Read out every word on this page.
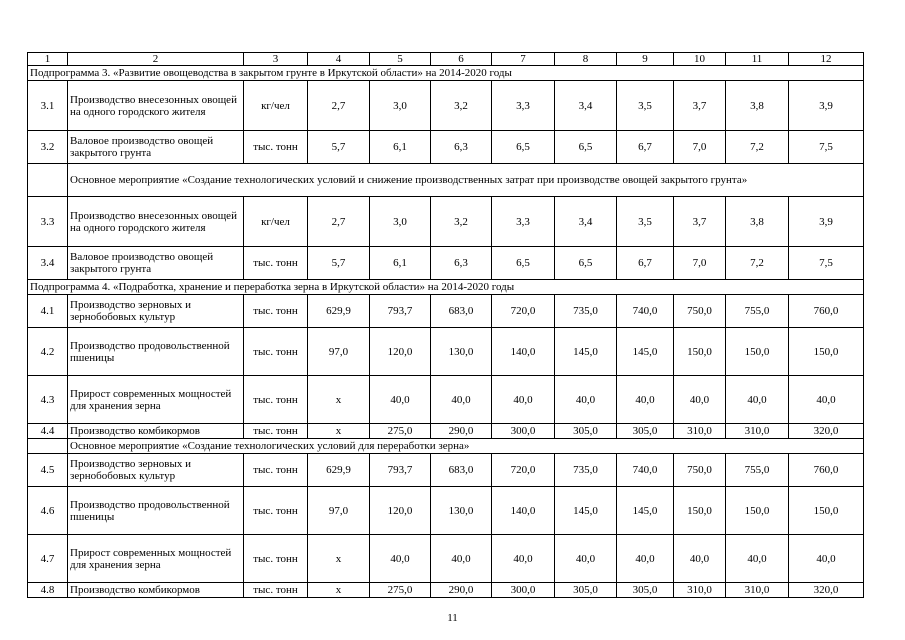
1	2	3	4	5	6	7	8	9	10	11	12
Подпрограмма 3. «Развитие овощеводства в закрытом грунте в Иркутской области» на 2014-2020 годы											
3.1	Производство внесезонных овощей на одного городского жителя	кг/чел	2,7	3,0	3,2	3,3	3,4	3,5	3,7	3,8	3,9
3.2	Валовое производство овощей закрытого грунта	тыс. тонн	5,7	6,1	6,3	6,5	6,5	6,7	7,0	7,2	7,5
	Основное мероприятие «Создание технологических условий и снижение производственных затрат при производстве овощей закрытого грунта»										
3.3	Производство внесезонных овощей на одного городского жителя	кг/чел	2,7	3,0	3,2	3,3	3,4	3,5	3,7	3,8	3,9
3.4	Валовое производство овощей закрытого грунта	тыс. тонн	5,7	6,1	6,3	6,5	6,5	6,7	7,0	7,2	7,5
Подпрограмма 4. «Подработка, хранение и переработка зерна в Иркутской области» на 2014-2020 годы											
4.1	Производство зерновых и зернобобовых культур	тыс. тонн	629,9	793,7	683,0	720,0	735,0	740,0	750,0	755,0	760,0
4.2	Производство продовольственной пшеницы	тыс. тонн	97,0	120,0	130,0	140,0	145,0	145,0	150,0	150,0	150,0
4.3	Прирост современных мощностей для хранения зерна	тыс. тонн	х	40,0	40,0	40,0	40,0	40,0	40,0	40,0	40,0
4.4	Производство комбикормов	тыс. тонн	х	275,0	290,0	300,0	305,0	305,0	310,0	310,0	320,0
	Основное мероприятие «Создание технологических условий для переработки зерна»										
4.5	Производство зерновых и зернобобовых культур	тыс. тонн	629,9	793,7	683,0	720,0	735,0	740,0	750,0	755,0	760,0
4.6	Производство продовольственной пшеницы	тыс. тонн	97,0	120,0	130,0	140,0	145,0	145,0	150,0	150,0	150,0
4.7	Прирост современных мощностей для хранения зерна	тыс. тонн	х	40,0	40,0	40,0	40,0	40,0	40,0	40,0	40,0
4.8	Производство комбикормов	тыс. тонн	х	275,0	290,0	300,0	305,0	305,0	310,0	310,0	320,0
11
